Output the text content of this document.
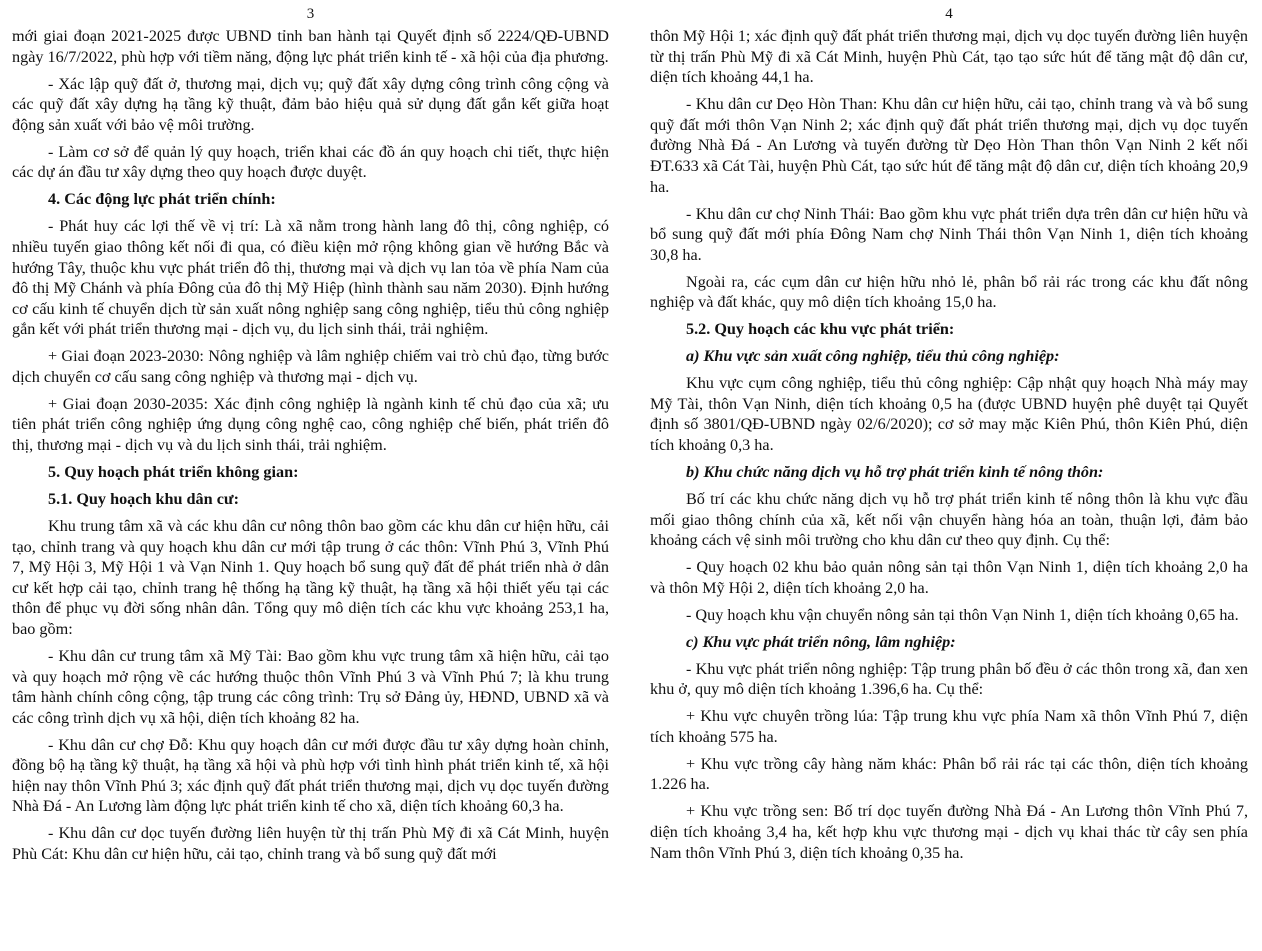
3

mới giai đoạn 2021-2025 được UBND tỉnh ban hành tại Quyết định số 2224/QĐ-UBND ngày 16/7/2022, phù hợp với tiềm năng, động lực phát triển kinh tế - xã hội của địa phương.

- Xác lập quỹ đất ở, thương mại, dịch vụ; quỹ đất xây dựng công trình công cộng và các quỹ đất xây dựng hạ tầng kỹ thuật, đảm bảo hiệu quả sử dụng đất gắn kết giữa hoạt động sản xuất với bảo vệ môi trường.

- Làm cơ sở để quản lý quy hoạch, triển khai các đồ án quy hoạch chi tiết, thực hiện các dự án đầu tư xây dựng theo quy hoạch được duyệt.

4. Các động lực phát triển chính:

- Phát huy các lợi thế về vị trí: Là xã nằm trong hành lang đô thị, công nghiệp, có nhiều tuyến giao thông kết nối đi qua, có điều kiện mở rộng không gian về hướng Bắc và hướng Tây, thuộc khu vực phát triển đô thị, thương mại và dịch vụ lan tỏa về phía Nam của đô thị Mỹ Chánh và phía Đông của đô thị Mỹ Hiệp (hình thành sau năm 2030). Định hướng cơ cấu kinh tế chuyển dịch từ sản xuất nông nghiệp sang công nghiệp, tiểu thủ công nghiệp gắn kết với phát triển thương mại - dịch vụ, du lịch sinh thái, trải nghiệm.

+ Giai đoạn 2023-2030: Nông nghiệp và lâm nghiệp chiếm vai trò chủ đạo, từng bước dịch chuyển cơ cấu sang công nghiệp và thương mại - dịch vụ.

+ Giai đoạn 2030-2035: Xác định công nghiệp là ngành kinh tế chủ đạo của xã; ưu tiên phát triển công nghiệp ứng dụng công nghệ cao, công nghiệp chế biến, phát triển đô thị, thương mại - dịch vụ và du lịch sinh thái, trải nghiệm.

5. Quy hoạch phát triển không gian:

5.1. Quy hoạch khu dân cư:

Khu trung tâm xã và các khu dân cư nông thôn bao gồm các khu dân cư hiện hữu, cải tạo, chỉnh trang và quy hoạch khu dân cư mới tập trung ở các thôn: Vĩnh Phú 3, Vĩnh Phú 7, Mỹ Hội 3, Mỹ Hội 1 và Vạn Ninh 1. Quy hoạch bổ sung quỹ đất để phát triển nhà ở dân cư kết hợp cải tạo, chỉnh trang hệ thống hạ tầng kỹ thuật, hạ tầng xã hội thiết yếu tại các thôn để phục vụ đời sống nhân dân. Tổng quy mô diện tích các khu vực khoảng 253,1 ha, bao gồm:

- Khu dân cư trung tâm xã Mỹ Tài: Bao gồm khu vực trung tâm xã hiện hữu, cải tạo và quy hoạch mở rộng về các hướng thuộc thôn Vĩnh Phú 3 và Vĩnh Phú 7; là khu trung tâm hành chính công cộng, tập trung các công trình: Trụ sở Đảng ủy, HĐND, UBND xã và các công trình dịch vụ xã hội, diện tích khoảng 82 ha.

- Khu dân cư chợ Đỗ: Khu quy hoạch dân cư mới được đầu tư xây dựng hoàn chỉnh, đồng bộ hạ tầng kỹ thuật, hạ tầng xã hội và phù hợp với tình hình phát triển kinh tế, xã hội hiện nay thôn Vĩnh Phú 3; xác định quỹ đất phát triển thương mại, dịch vụ dọc tuyến đường Nhà Đá - An Lương làm động lực phát triển kinh tế cho xã, diện tích khoảng 60,3 ha.

- Khu dân cư dọc tuyến đường liên huyện từ thị trấn Phù Mỹ đi xã Cát Minh, huyện Phù Cát: Khu dân cư hiện hữu, cải tạo, chỉnh trang và bổ sung quỹ đất mới

4

thôn Mỹ Hội 1; xác định quỹ đất phát triển thương mại, dịch vụ dọc tuyến đường liên huyện từ thị trấn Phù Mỹ đi xã Cát Minh, huyện Phù Cát, tạo tạo sức hút để tăng mật độ dân cư, diện tích khoảng 44,1 ha.

- Khu dân cư Dẹo Hòn Than: Khu dân cư hiện hữu, cải tạo, chỉnh trang và và bổ sung quỹ đất mới thôn Vạn Ninh 2; xác định quỹ đất phát triển thương mại, dịch vụ dọc tuyến đường Nhà Đá - An Lương và tuyến đường từ Dẹo Hòn Than thôn Vạn Ninh 2 kết nối ĐT.633 xã Cát Tài, huyện Phù Cát, tạo sức hút để tăng mật độ dân cư, diện tích khoảng 20,9 ha.

- Khu dân cư chợ Ninh Thái: Bao gồm khu vực phát triển dựa trên dân cư hiện hữu và bổ sung quỹ đất mới phía Đông Nam chợ Ninh Thái thôn Vạn Ninh 1, diện tích khoảng 30,8 ha.

Ngoài ra, các cụm dân cư hiện hữu nhỏ lẻ, phân bổ rải rác trong các khu đất nông nghiệp và đất khác, quy mô diện tích khoảng 15,0 ha.

5.2. Quy hoạch các khu vực phát triển:

a) Khu vực sản xuất công nghiệp, tiểu thủ công nghiệp:

Khu vực cụm công nghiệp, tiểu thủ công nghiệp: Cập nhật quy hoạch Nhà máy may Mỹ Tài, thôn Vạn Ninh, diện tích khoảng 0,5 ha (được UBND huyện phê duyệt tại Quyết định số 3801/QĐ-UBND ngày 02/6/2020); cơ sở may mặc Kiên Phú, thôn Kiên Phú, diện tích khoảng 0,3 ha.

b) Khu chức năng dịch vụ hỗ trợ phát triển kinh tế nông thôn:

Bố trí các khu chức năng dịch vụ hỗ trợ phát triển kinh tế nông thôn là khu vực đầu mối giao thông chính của xã, kết nối vận chuyển hàng hóa an toàn, thuận lợi, đảm bảo khoảng cách vệ sinh môi trường cho khu dân cư theo quy định. Cụ thể:

- Quy hoạch 02 khu bảo quản nông sản tại thôn Vạn Ninh 1, diện tích khoảng 2,0 ha và thôn Mỹ Hội 2, diện tích khoảng 2,0 ha.

- Quy hoạch khu vận chuyển nông sản tại thôn Vạn Ninh 1, diện tích khoảng 0,65 ha.

c) Khu vực phát triển nông, lâm nghiệp:

- Khu vực phát triển nông nghiệp: Tập trung phân bố đều ở các thôn trong xã, đan xen khu ở, quy mô diện tích khoảng 1.396,6 ha. Cụ thể:

+ Khu vực chuyên trồng lúa: Tập trung khu vực phía Nam xã thôn Vĩnh Phú 7, diện tích khoảng 575 ha.

+ Khu vực trồng cây hàng năm khác: Phân bổ rải rác tại các thôn, diện tích khoảng 1.226 ha.

+ Khu vực trồng sen: Bố trí dọc tuyến đường Nhà Đá - An Lương thôn Vĩnh Phú 7, diện tích khoảng 3,4 ha, kết hợp khu vực thương mại - dịch vụ khai thác từ cây sen phía Nam thôn Vĩnh Phú 3, diện tích khoảng 0,35 ha.
